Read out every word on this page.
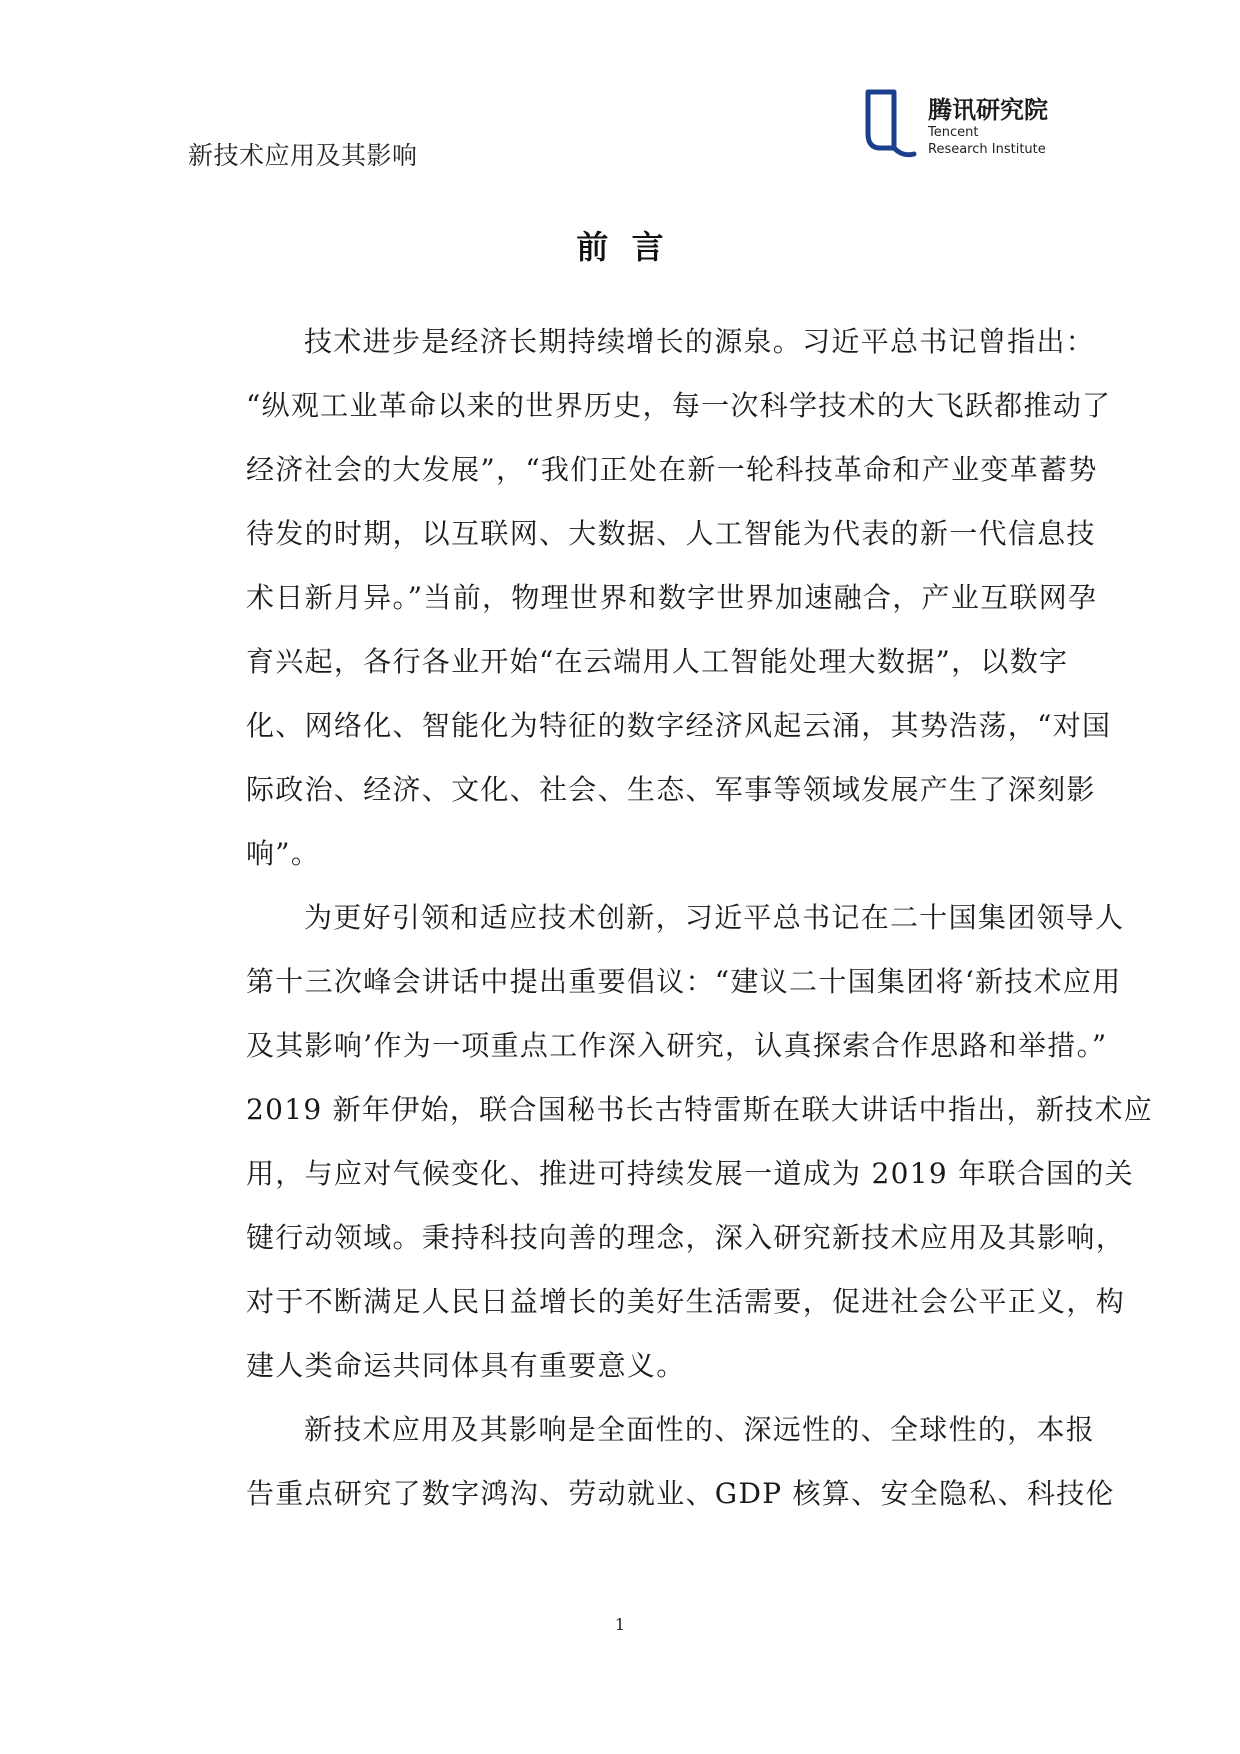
新技术应用及其影响
腾讯研究院
Tencent
Research Institute
前 言
技术进步是经济长期持续增长的源泉。习近平总书记曾指出：
“纵观工业革命以来的世界历史，每一次科学技术的大飞跃都推动了
经济社会的大发展”，“我们正处在新一轮科技革命和产业变革蓄势
待发的时期，以互联网、大数据、人工智能为代表的新一代信息技
术日新月异。”当前，物理世界和数字世界加速融合，产业互联网孕
育兴起，各行各业开始“在云端用人工智能处理大数据”，以数字
化、网络化、智能化为特征的数字经济风起云涌，其势浩荡，“对国
际政治、经济、文化、社会、生态、军事等领域发展产生了深刻影
响”。
为更好引领和适应技术创新，习近平总书记在二十国集团领导人
第十三次峰会讲话中提出重要倡议：“建议二十国集团将‘新技术应用
及其影响’作为一项重点工作深入研究，认真探索合作思路和举措。”
2019 新年伊始，联合国秘书长古特雷斯在联大讲话中指出，新技术应
用，与应对气候变化、推进可持续发展一道成为 2019 年联合国的关
键行动领域。秉持科技向善的理念，深入研究新技术应用及其影响，
对于不断满足人民日益增长的美好生活需要，促进社会公平正义，构
建人类命运共同体具有重要意义。
新技术应用及其影响是全面性的、深远性的、全球性的，本报
告重点研究了数字鸿沟、劳动就业、GDP 核算、安全隐私、科技伦
1
